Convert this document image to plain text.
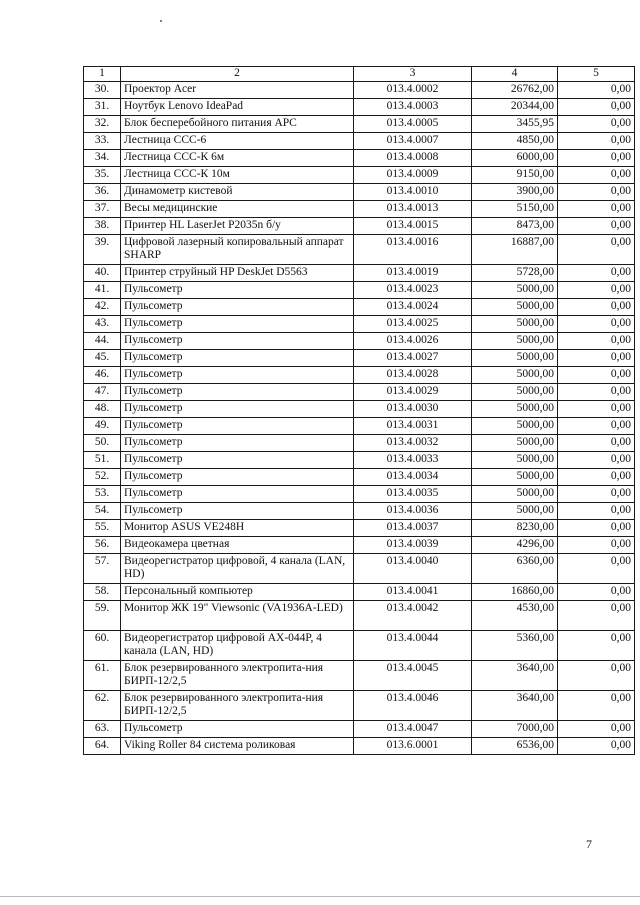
1	2	3	4	5
30.	Проектор Acer	013.4.0002	26762,00	0,00
31.	Ноутбук Lenovo IdeaPad	013.4.0003	20344,00	0,00
32.	Блок бесперебойного питания APC	013.4.0005	3455,95	0,00
33.	Лестница ССС-6	013.4.0007	4850,00	0,00
34.	Лестница ССС-К 6м	013.4.0008	6000,00	0,00
35.	Лестница ССС-К 10м	013.4.0009	9150,00	0,00
36.	Динамометр кистевой	013.4.0010	3900,00	0,00
37.	Весы медицинские	013.4.0013	5150,00	0,00
38.	Принтер HL LaserJet P2035n б/у	013.4.0015	8473,00	0,00
39.	Цифровой лазерный копировальный аппарат SHARP	013.4.0016	16887,00	0,00
40.	Принтер струйный HP DeskJet D5563	013.4.0019	5728,00	0,00
41.	Пульсометр	013.4.0023	5000,00	0,00
42.	Пульсометр	013.4.0024	5000,00	0,00
43.	Пульсометр	013.4.0025	5000,00	0,00
44.	Пульсометр	013.4.0026	5000,00	0,00
45.	Пульсометр	013.4.0027	5000,00	0,00
46.	Пульсометр	013.4.0028	5000,00	0,00
47.	Пульсометр	013.4.0029	5000,00	0,00
48.	Пульсометр	013.4.0030	5000,00	0,00
49.	Пульсометр	013.4.0031	5000,00	0,00
50.	Пульсометр	013.4.0032	5000,00	0,00
51.	Пульсометр	013.4.0033	5000,00	0,00
52.	Пульсометр	013.4.0034	5000,00	0,00
53.	Пульсометр	013.4.0035	5000,00	0,00
54.	Пульсометр	013.4.0036	5000,00	0,00
55.	Монитор ASUS VE248H	013.4.0037	8230,00	0,00
56.	Видеокамера цветная	013.4.0039	4296,00	0,00
57.	Видеорегистратор цифровой, 4 канала (LAN, HD)	013.4.0040	6360,00	0,00
58.	Персональный компьютер	013.4.0041	16860,00	0,00
59.	Монитор ЖК 19" Viewsonic (VA1936A-LED)	013.4.0042	4530,00	0,00
60.	Видеорегистратор цифровой AX-044P, 4 канала (LAN, HD)	013.4.0044	5360,00	0,00
61.	Блок резервированного электропита-ния БИРП-12/2,5	013.4.0045	3640,00	0,00
62.	Блок резервированного электропита-ния БИРП-12/2,5	013.4.0046	3640,00	0,00
63.	Пульсометр	013.4.0047	7000,00	0,00
64.	Viking Roller 84 система роликовая	013.6.0001	6536,00	0,00
7
